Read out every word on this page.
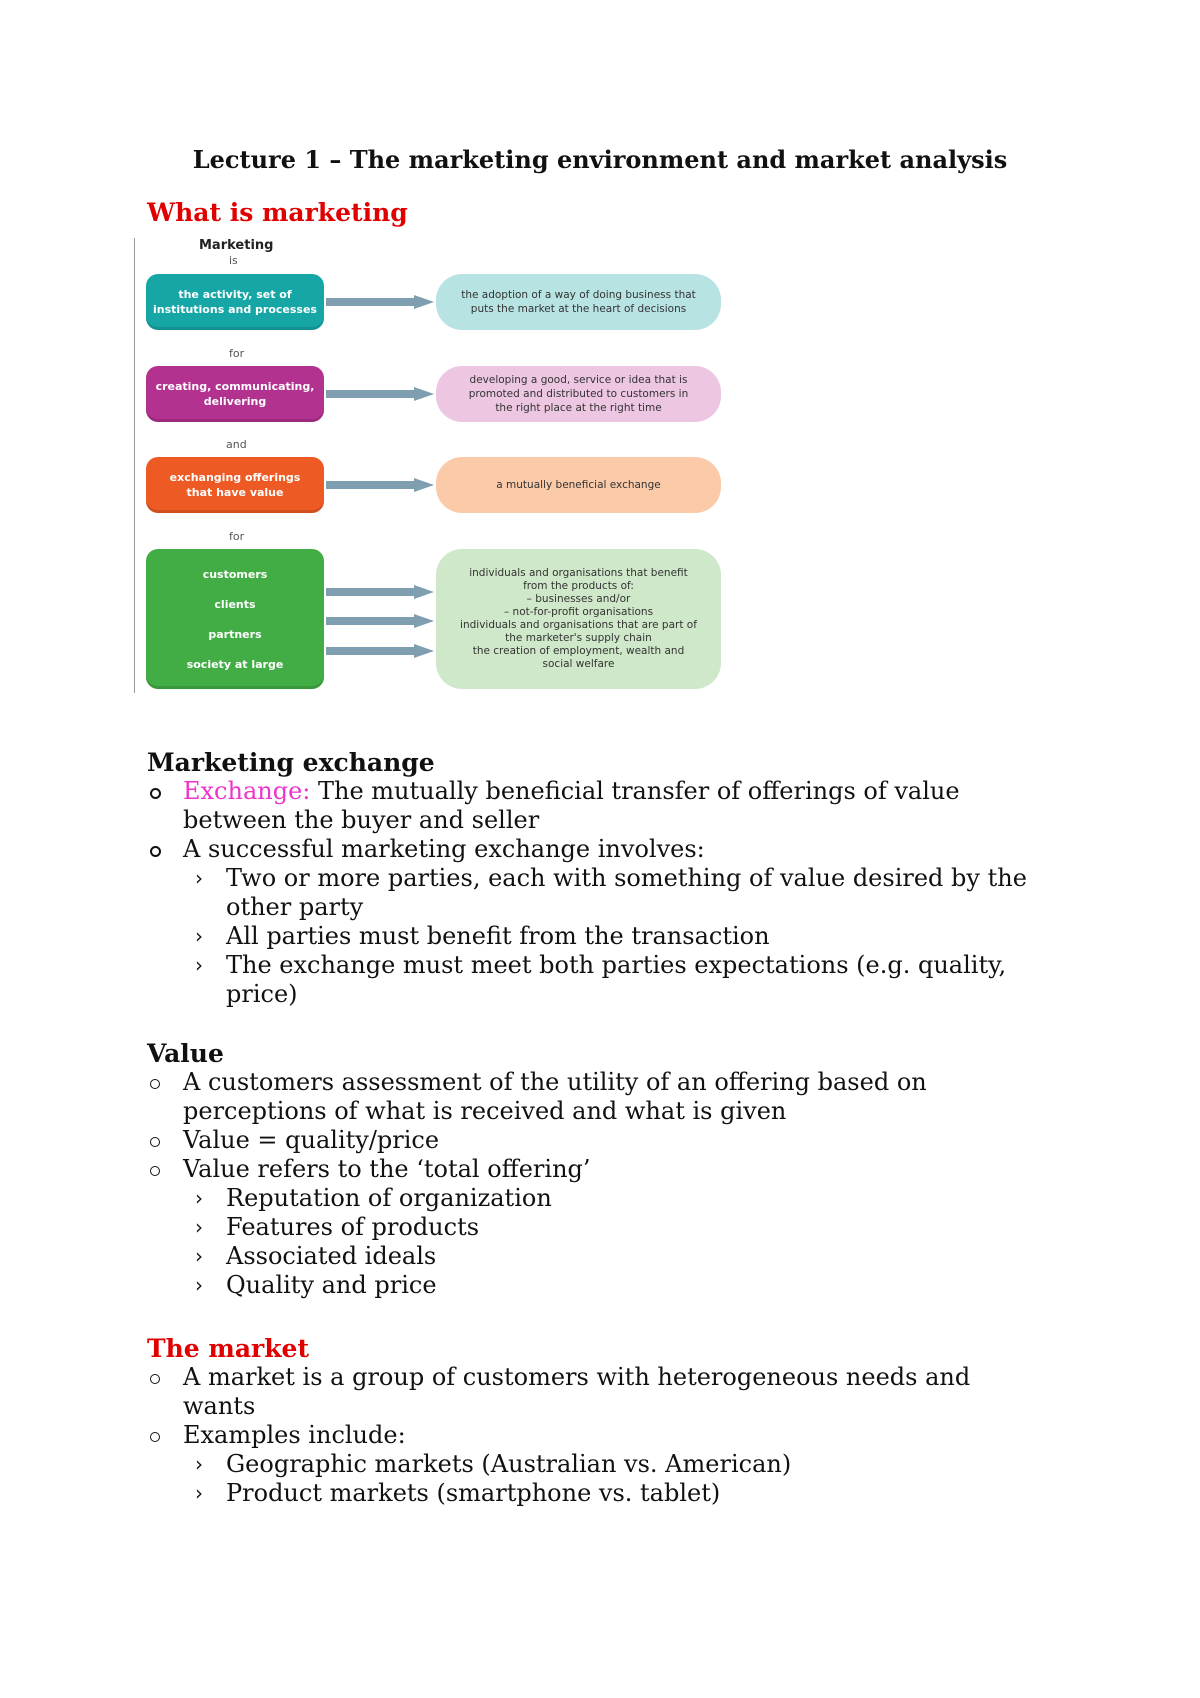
Lecture 1 – The marketing environment and market analysis
What is marketing
Marketing
is
the activity, set of
institutions and processes
the adoption of a way of doing business that
puts the market at the heart of decisions
for
creating, communicating,
delivering
developing a good, service or idea that is
promoted and distributed to customers in
the right place at the right time
and
exchanging offerings
that have value
a mutually beneficial exchange
for
customers
clients
partners
society at large
individuals and organisations that benefit
from the products of:
– businesses and/or
– not-for-profit organisations
individuals and organisations that are part of
the marketer's supply chain
the creation of employment, wealth and
social welfare
Marketing exchange
Exchange: The mutually beneficial transfer of offerings of value
between the buyer and seller
A successful marketing exchange involves:
› Two or more parties, each with something of value desired by the
other party
› All parties must benefit from the transaction
› The exchange must meet both parties expectations (e.g. quality,
price)
Value
A customers assessment of the utility of an offering based on
perceptions of what is received and what is given
Value = quality/price
Value refers to the ‘total offering’
› Reputation of organization
› Features of products
› Associated ideals
› Quality and price
The market
A market is a group of customers with heterogeneous needs and
wants
Examples include:
› Geographic markets (Australian vs. American)
› Product markets (smartphone vs. tablet)
